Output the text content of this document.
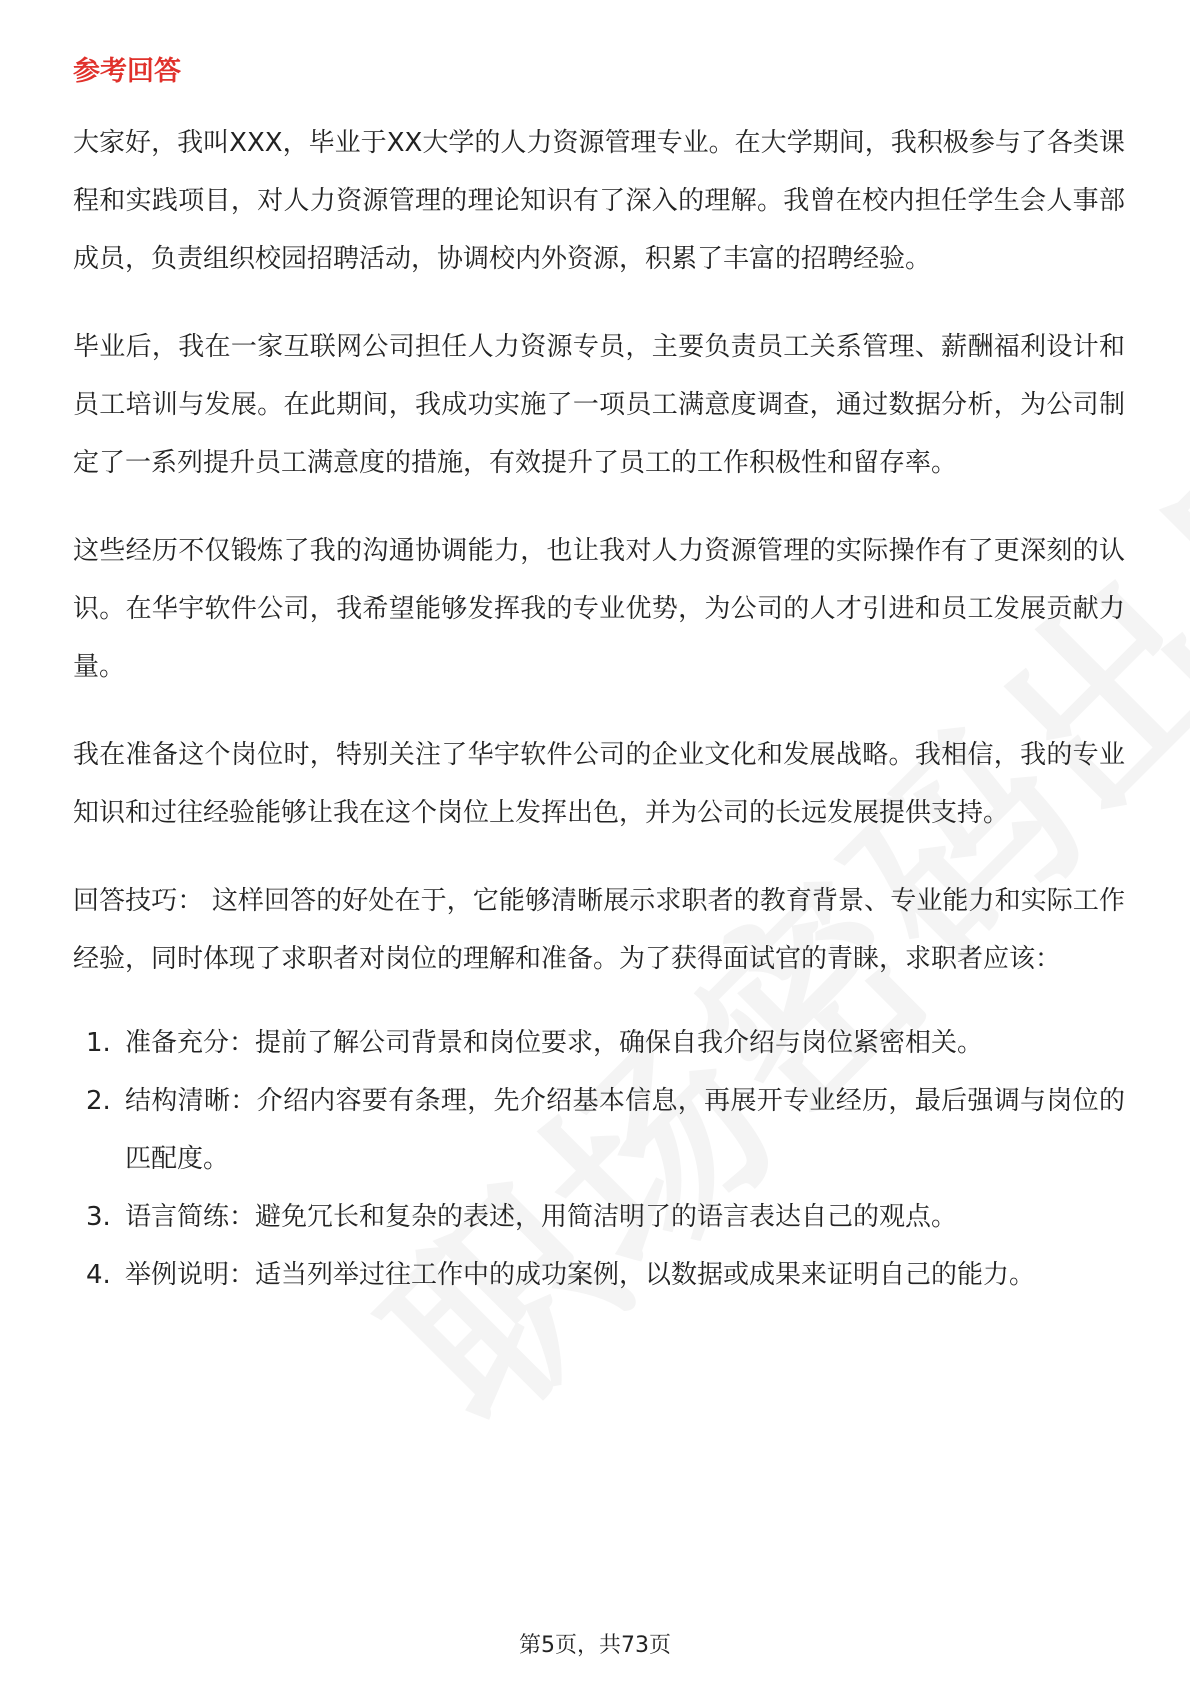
参考回答

大家好，我叫XXX，毕业于XX大学的人力资源管理专业。在大学期间，我积极参与了各类课程和实践项目，对人力资源管理的理论知识有了深入的理解。我曾在校内担任学生会人事部成员，负责组织校园招聘活动，协调校内外资源，积累了丰富的招聘经验。

毕业后，我在一家互联网公司担任人力资源专员，主要负责员工关系管理、薪酬福利设计和员工培训与发展。在此期间，我成功实施了一项员工满意度调查，通过数据分析，为公司制定了一系列提升员工满意度的措施，有效提升了员工的工作积极性和留存率。

这些经历不仅锻炼了我的沟通协调能力，也让我对人力资源管理的实际操作有了更深刻的认识。在华宇软件公司，我希望能够发挥我的专业优势，为公司的人才引进和员工发展贡献力量。

我在准备这个岗位时，特别关注了华宇软件公司的企业文化和发展战略。我相信，我的专业知识和过往经验能够让我在这个岗位上发挥出色，并为公司的长远发展提供支持。

回答技巧： 这样回答的好处在于，它能够清晰展示求职者的教育背景、专业能力和实际工作经验，同时体现了求职者对岗位的理解和准备。为了获得面试官的青睐，求职者应该：

1. 准备充分：提前了解公司背景和岗位要求，确保自我介绍与岗位紧密相关。
2. 结构清晰：介绍内容要有条理，先介绍基本信息，再展开专业经历，最后强调与岗位的匹配度。
3. 语言简练：避免冗长和复杂的表述，用简洁明了的语言表达自己的观点。
4. 举例说明：适当列举过往工作中的成功案例，以数据或成果来证明自己的能力。
第5页，共73页
